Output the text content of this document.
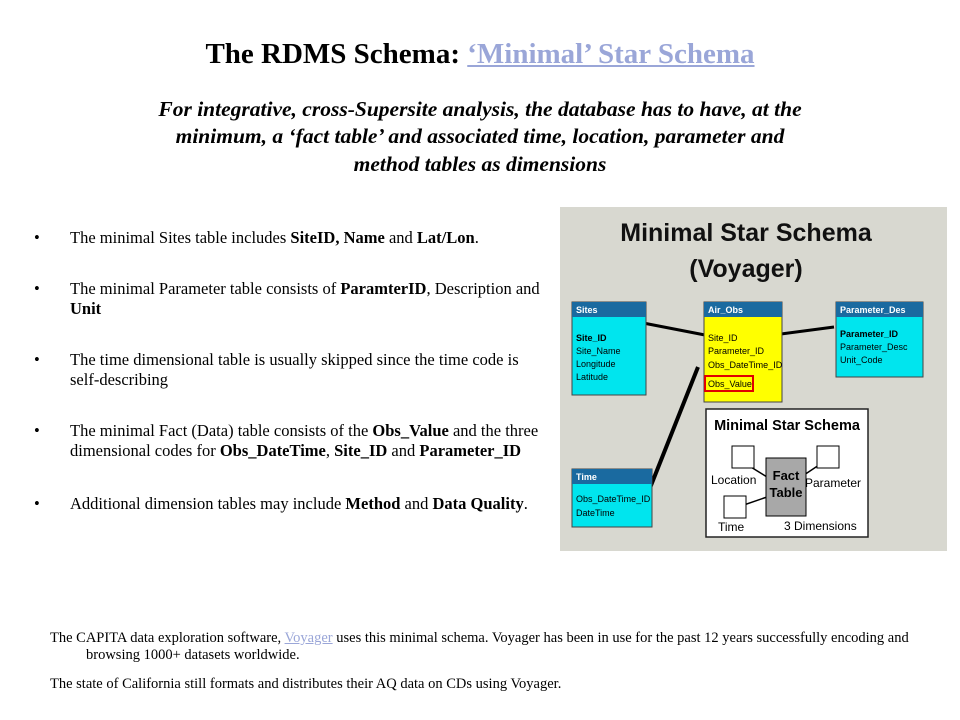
The RDMS Schema: ‘Minimal’ Star Schema
For integrative, cross-Supersite analysis, the database has to have, at the minimum, a ‘fact table’ and associated time, location, parameter and method tables as dimensions
• The minimal Sites table includes SiteID, Name and Lat/Lon.
• The minimal Parameter table consists of ParamterID, Description and Unit
• The time dimensional table is usually skipped since the time code is self-describing
• The minimal Fact (Data) table consists of the Obs_Value and the three dimensional codes for Obs_DateTime, Site_ID and Parameter_ID
• Additional dimension tables may include Method and Data Quality.
Minimal Star Schema
(Voyager)
Sites
Site_ID
Site_Name
Longitude
Latitude
Air_Obs
Site_ID
Parameter_ID
Obs_DateTime_ID
Obs_Value
Parameter_Des
Parameter_ID
Parameter_Desc
Unit_Code
Time
Obs_DateTime_ID
DateTime
Minimal Star Schema
Fact
Table
Location	Parameter
Time	3 Dimensions
The CAPITA data exploration software, Voyager uses this minimal schema. Voyager has been in use for the past 12 years successfully encoding and browsing 1000+ datasets worldwide.
The state of California still formats and distributes their AQ data on CDs using Voyager.
